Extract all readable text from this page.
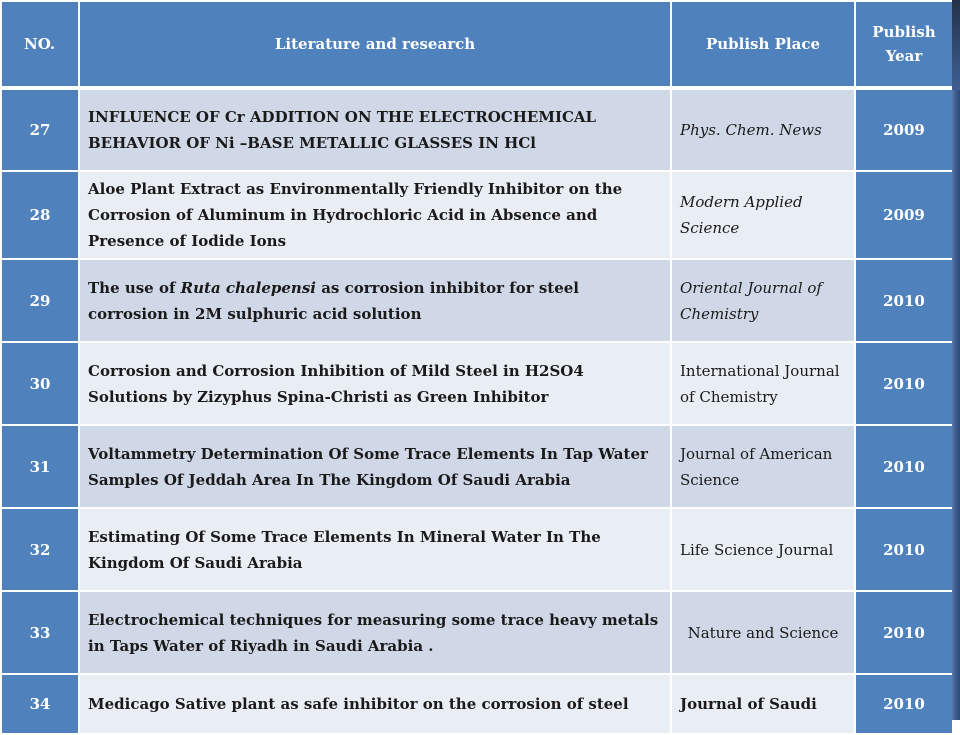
NO.	Literature and research	Publish Place	Publish Year
27	INFLUENCE OF Cr ADDITION ON THE ELECTROCHEMICAL BEHAVIOR OF Ni –BASE METALLIC GLASSES IN HCl	Phys. Chem. News	2009
28	Aloe Plant Extract as Environmentally Friendly Inhibitor on the Corrosion of Aluminum in Hydrochloric Acid in Absence and Presence of Iodide Ions	Modern Applied Science	2009
29	The use of Ruta chalepensi as corrosion inhibitor for steel corrosion in 2M sulphuric acid solution	Oriental Journal of Chemistry	2010
30	Corrosion and Corrosion Inhibition of Mild Steel in H2SO4 Solutions by Zizyphus Spina-Christi as Green Inhibitor	International Journal of Chemistry	2010
31	Voltammetry Determination Of Some Trace Elements In Tap Water Samples Of Jeddah Area In The Kingdom Of Saudi Arabia	Journal of American Science	2010
32	Estimating Of Some Trace Elements In Mineral Water In The Kingdom Of Saudi Arabia	Life Science Journal	2010
33	Electrochemical techniques for measuring some trace heavy metals in Taps Water of Riyadh in Saudi Arabia .	Nature and Science	2010
34	Medicago Sative plant as safe inhibitor on the corrosion of steel	Journal of Saudi	2010
